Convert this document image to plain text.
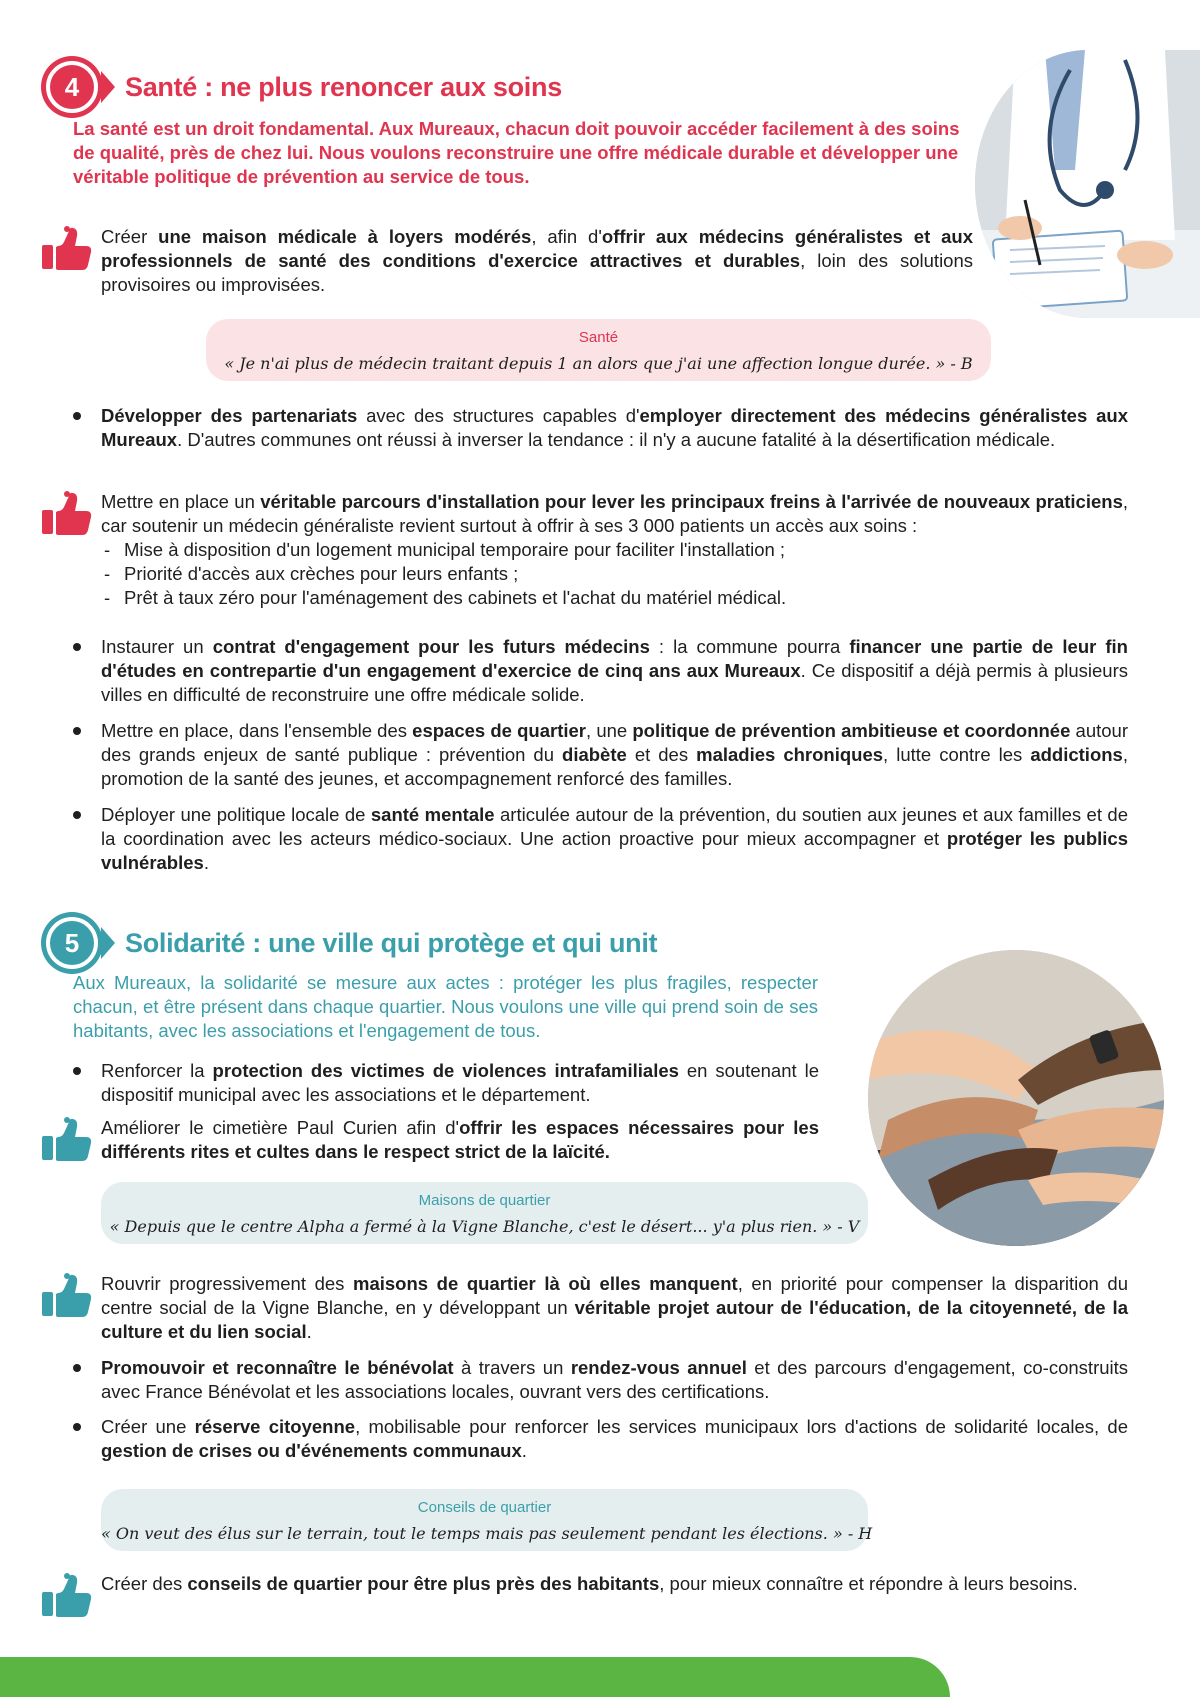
4	Santé : ne plus renoncer aux soins
La santé est un droit fondamental. Aux Mureaux, chacun doit pouvoir accéder facilement à des soins de qualité, près de chez lui. Nous voulons reconstruire une offre médicale durable et développer une véritable politique de prévention au service de tous.
Créer une maison médicale à loyers modérés, afin d'offrir aux médecins généralistes et aux professionnels de santé des conditions d'exercice attractives et durables, loin des solutions provisoires ou improvisées.
Santé
« Je n'ai plus de médecin traitant depuis 1 an alors que j'ai une affection longue durée. » - B
Développer des partenariats avec des structures capables d'employer directement des médecins généralistes aux Mureaux. D'autres communes ont réussi à inverser la tendance : il n'y a aucune fatalité à la désertification médicale.
Mettre en place un véritable parcours d'installation pour lever les principaux freins à l'arrivée de nouveaux praticiens, car soutenir un médecin généraliste revient surtout à offrir à ses 3 000 patients un accès aux soins :
- Mise à disposition d'un logement municipal temporaire pour faciliter l'installation ;
- Priorité d'accès aux crèches pour leurs enfants ;
- Prêt à taux zéro pour l'aménagement des cabinets et l'achat du matériel médical.
Instaurer un contrat d'engagement pour les futurs médecins : la commune pourra financer une partie de leur fin d'études en contrepartie d'un engagement d'exercice de cinq ans aux Mureaux. Ce dispositif a déjà permis à plusieurs villes en difficulté de reconstruire une offre médicale solide.
Mettre en place, dans l'ensemble des espaces de quartier, une politique de prévention ambitieuse et coordonnée autour des grands enjeux de santé publique : prévention du diabète et des maladies chroniques, lutte contre les addictions, promotion de la santé des jeunes, et accompagnement renforcé des familles.
Déployer une politique locale de santé mentale articulée autour de la prévention, du soutien aux jeunes et aux familles et de la coordination avec les acteurs médico-sociaux. Une action proactive pour mieux accompagner et protéger les publics vulnérables.
5	Solidarité : une ville qui protège et qui unit
Aux Mureaux, la solidarité se mesure aux actes : protéger les plus fragiles, respecter chacun, et être présent dans chaque quartier. Nous voulons une ville qui prend soin de ses habitants, avec les associations et l'engagement de tous.
Renforcer la protection des victimes de violences intrafamiliales en soutenant le dispositif municipal avec les associations et le département.
Améliorer le cimetière Paul Curien afin d'offrir les espaces nécessaires pour les différents rites et cultes dans le respect strict de la laïcité.
Maisons de quartier
« Depuis que le centre Alpha a fermé à la Vigne Blanche, c'est le désert... y'a plus rien. » - V
Rouvrir progressivement des maisons de quartier là où elles manquent, en priorité pour compenser la disparition du centre social de la Vigne Blanche, en y développant un véritable projet autour de l'éducation, de la citoyenneté, de la culture et du lien social.
Promouvoir et reconnaître le bénévolat à travers un rendez-vous annuel et des parcours d'engagement, co-construits avec France Bénévolat et les associations locales, ouvrant vers des certifications.
Créer une réserve citoyenne, mobilisable pour renforcer les services municipaux lors d'actions de solidarité locales, de gestion de crises ou d'événements communaux.
Conseils de quartier
« On veut des élus sur le terrain, tout le temps mais pas seulement pendant les élections. » - H
Créer des conseils de quartier pour être plus près des habitants, pour mieux connaître et répondre à leurs besoins.
